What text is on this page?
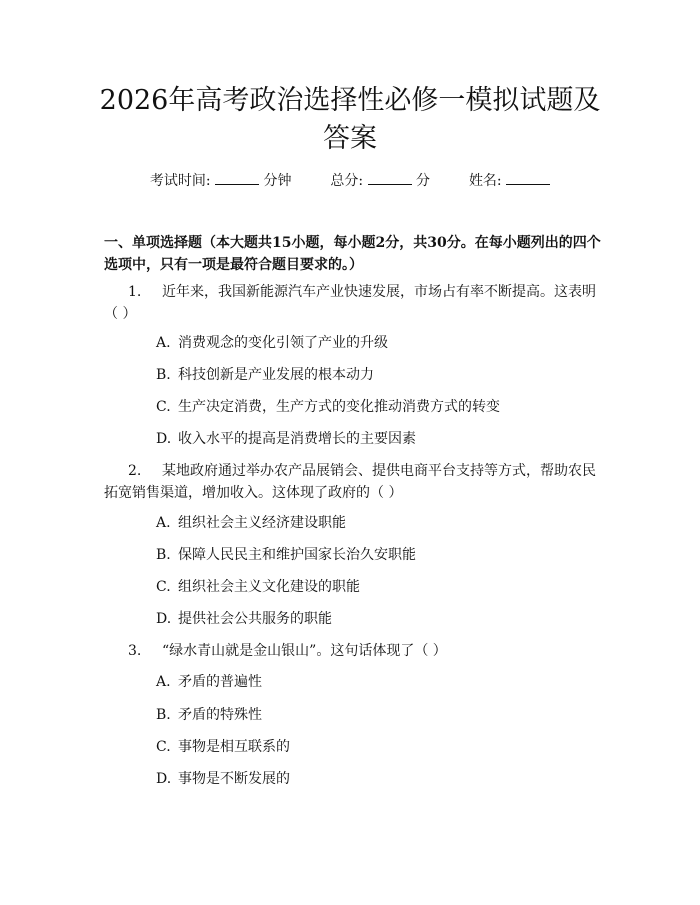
2026年高考政治选择性必修一模拟试题及答案
考试时间:	分钟	总分:	分	姓名:

一、单项选择题（本大题共15小题，每小题2分，共30分。在每小题列出的四个选项中，只有一项是最符合题目要求的。）

1. 近年来，我国新能源汽车产业快速发展，市场占有率不断提高。这表明（ ）
A. 消费观念的变化引领了产业的升级
B. 科技创新是产业发展的根本动力
C. 生产决定消费，生产方式的变化推动消费方式的转变
D. 收入水平的提高是消费增长的主要因素
2. 某地政府通过举办农产品展销会、提供电商平台支持等方式，帮助农民拓宽销售渠道，增加收入。这体现了政府的（ ）
A. 组织社会主义经济建设职能
B. 保障人民民主和维护国家长治久安职能
C. 组织社会主义文化建设的职能
D. 提供社会公共服务的职能
3. “绿水青山就是金山银山”。这句话体现了（ ）
A. 矛盾的普遍性
B. 矛盾的特殊性
C. 事物是相互联系的
D. 事物是不断发展的
